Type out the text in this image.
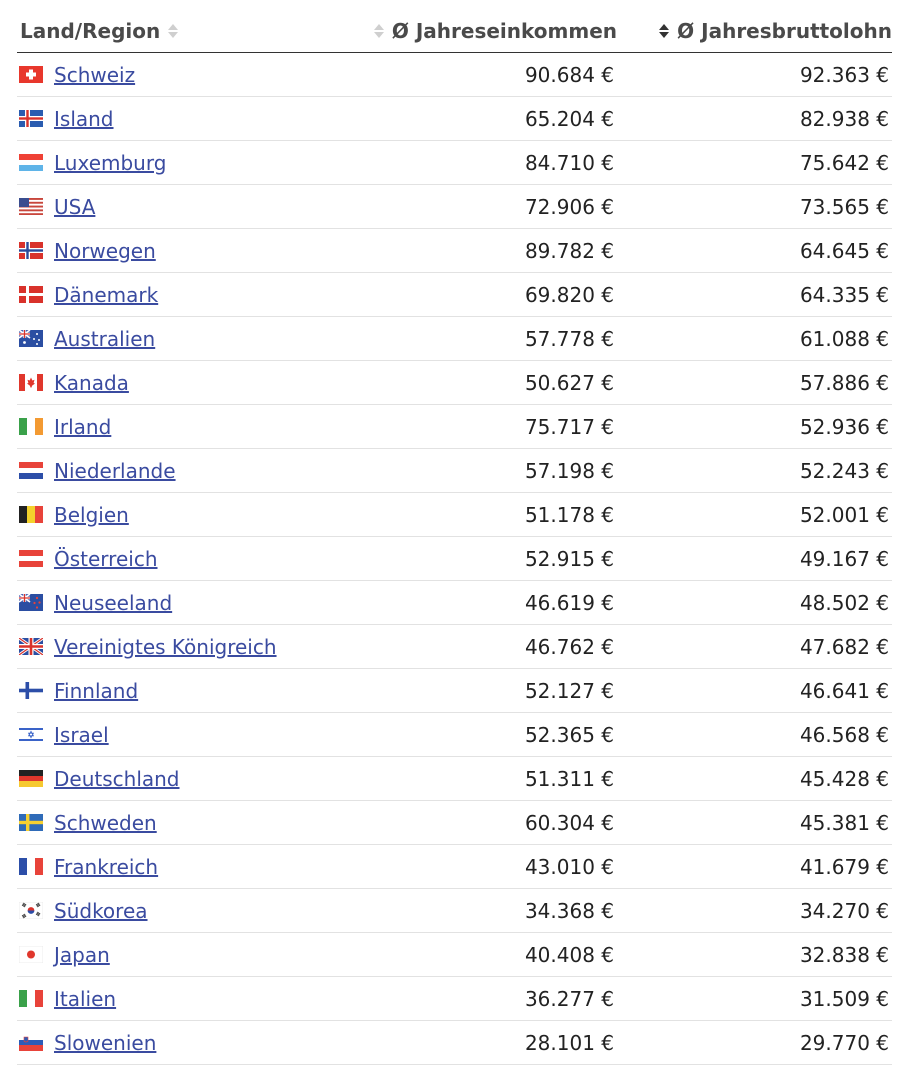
Land/Region	Ø Jahreseinkommen	Ø Jahresbruttolohn
Schweiz	90.684 €	92.363 €
Island	65.204 €	82.938 €
Luxemburg	84.710 €	75.642 €
USA	72.906 €	73.565 €
Norwegen	89.782 €	64.645 €
Dänemark	69.820 €	64.335 €
Australien	57.778 €	61.088 €
Kanada	50.627 €	57.886 €
Irland	75.717 €	52.936 €
Niederlande	57.198 €	52.243 €
Belgien	51.178 €	52.001 €
Österreich	52.915 €	49.167 €
Neuseeland	46.619 €	48.502 €
Vereinigtes Königreich	46.762 €	47.682 €
Finnland	52.127 €	46.641 €
Israel	52.365 €	46.568 €
Deutschland	51.311 €	45.428 €
Schweden	60.304 €	45.381 €
Frankreich	43.010 €	41.679 €
Südkorea	34.368 €	34.270 €
Japan	40.408 €	32.838 €
Italien	36.277 €	31.509 €
Slowenien	28.101 €	29.770 €
